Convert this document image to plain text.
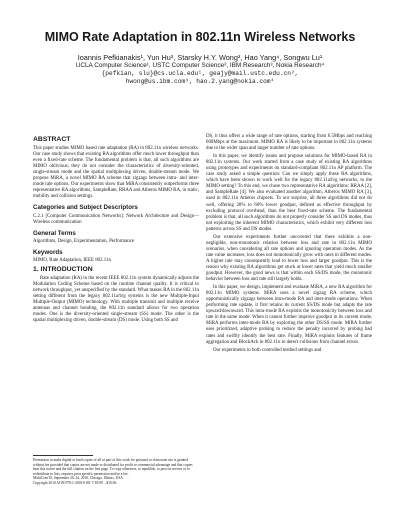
MIMO Rate Adaptation in 802.11n Wireless Networks
Ioannis Pefkianakis¹, Yun Hu², Starsky H.Y. Wong³, Hao Yang⁴, Songwu Lu¹
UCLA Computer Science¹, USTC Computer Science², IBM Research³, Nokia Research⁴
{pefkian, slu}@cs.ucla.edu¹, geajy@mail.ustc.edu.cn²,
hwong@us.ibm.com³, hao.2.yang@nokia.com⁴
ABSTRACT

This paper studies MIMO based rate adaptation (RA) in 802.11n wireless networks. Our case study shows that existing RA algorithms offer much lower throughput than even a fixed-rate scheme. The fundamental problem is that, all such algorithms are MIMO oblivious; they do not consider the characteristics of diversity-oriented, single-stream mode and the spatial multiplexing driven, double-stream mode. We propose MiRA, a novel MIMO RA scheme that zigzags between intra- and inter-mode rate options. Our experiments show that MiRA consistently outperforms three representative RA algorithms, SampleRate, RRAA and Atheros MIMO RA, in static, mobility and collision settings.

Categories and Subject Descriptors

C.2.1 [Computer Communication Networks]: Network Architecture and Design—Wireless communication

General Terms

Algorithms, Design, Experimentation, Performance

Keywords

MIMO, Rate Adaptation, IEEE 802.11n

1. INTRODUCTION

Rate adaptation (RA) in the recent IEEE 802.11n system dynamically adjusts the Modulation Coding Scheme based on the runtime channel quality. It is critical to network throughput, yet unspecified by the standard. What makes RA in the 802.11n setting different from the legacy 802.11a/b/g systems is the new Multiple-Input Multiple-Output (MIMO) technology. With multiple transmit and multiple receive antennas and channel bonding, the 802.11n standard allows for two operation modes. One is the diversity-oriented single-stream (SS) mode. The other is the spatial multiplexing driven, double-stream (DS) mode. Using both SS and

Permission to make digital or hard copies of all or part of this work for personal or classroom use is granted without fee provided that copies are not made or distributed for profit or commercial advantage and that copies bear this notice and the full citation on the first page. To copy otherwise, to republish, to post on servers or to redistribute to lists, requires prior specific permission and/or a fee.
MobiCom'10, September 20–24, 2010, Chicago, Illinois, USA.
Copyright 2010 ACM 978-1-4503-0181-7/10/09 ...$10.00.

DS, it thus offers a wide range of rate options, starting from 6.5Mbps and reaching 600Mbps at the maximum. MIMO RA is likely to be important in 802.11n systems due to the wider span and larger number of rate options.

In this paper, we identify issues and propose solutions for MIMO-based RA in 802.11n systems. Our work started from a case study of existing RA algorithms using prototypes and experiments on standard-compliant 802.11n AP platform. The case study asked a simple question: Can we simply apply these RA algorithms, which have been shown to work well for the legacy 802.11a/b/g networks, to the MIMO setting? To this end, we chose two representative RA algorithms: RRAA [2], and SampleRate [4]. We also evaluated another algorithm, Atheros MIMO RA [3], used in 802.11n Atheros chipsets. To our surprise, all three algorithms did not do well, offering 28% to 60% lower goodput, defined as effective throughput by excluding protocol overhead, than the best fixed-rate scheme. The fundamental problem is that, all such algorithms do not properly consider SS and DS modes, thus not exploiting the inherent MIMO characteristics, which exhibit very different loss patterns across SS and DS modes.

Our extensive experiments further uncovered that there exhibits a non-negligible, non-monotonic relation between loss and rate in 802.11n MIMO scenarios, when considering all rate options and ignoring operation modes. As the rate value increases, loss does not monotonically grow with rates in different modes. A higher rate may consequently lead to lower loss and larger goodput. This is the reason why existing RA algorithms get stuck at lower rates that yield much smaller goodput. However, the good news is that within each SS/DS mode, the monotonic behavior between loss and rate still largely holds.

In this paper, we design, implement and evaluate MiRA, a new RA algorithm for 802.11n MIMO systems. MiRA uses a novel zigzag RA scheme, which opportunistically zigzags between intra-mode RA and inter-mode operations. When performing rate update, it first retains its current SS/DS mode but adapts the rate upward/downward. This intra-mode RA exploits the monotonicity between loss and rate in the same mode. When it cannot further improve goodput in its current mode, MiRA performs inter-mode RA by exploring the other DS/SS mode. MiRA further uses prioritized, adaptive probing to reduce the penalty incurred by probing bad rates and swiftly identify the best rate. Finally, MiRA exploits features of frame aggregation and BlockAck in 802.11n to detect collisions from channel errors.

Our experiments in both controlled testbed settings and
